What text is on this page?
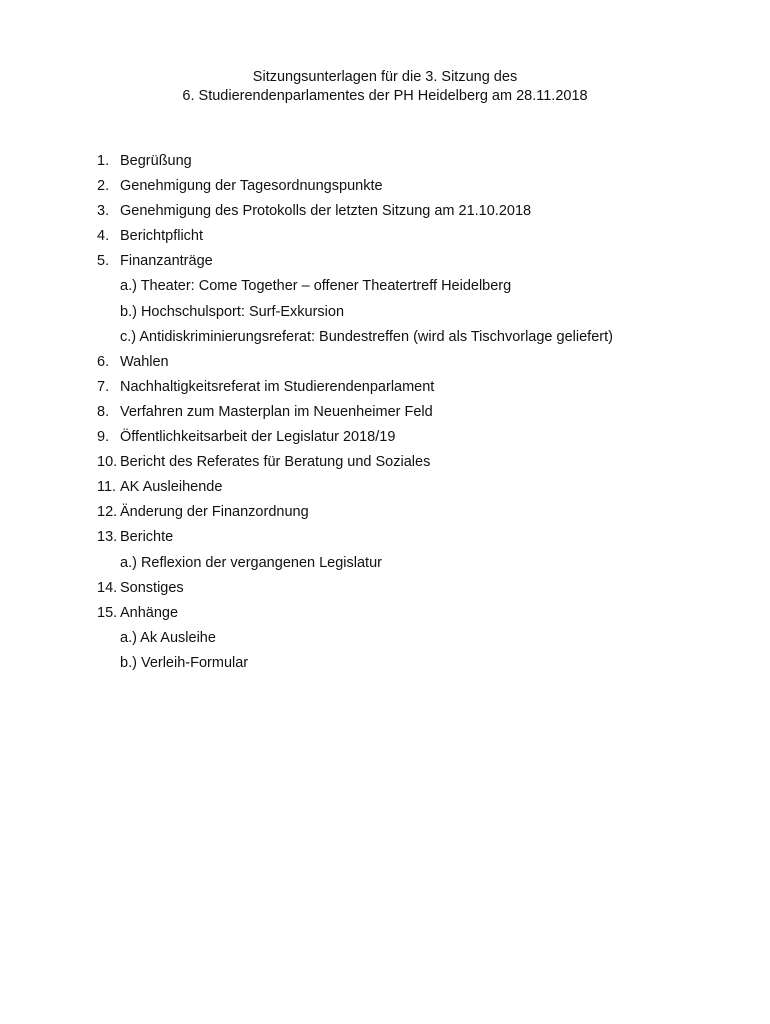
Sitzungsunterlagen für die 3. Sitzung des
6. Studierendenparlamentes der PH Heidelberg am 28.11.2018
1. Begrüßung
2. Genehmigung der Tagesordnungspunkte
3. Genehmigung des Protokolls der letzten Sitzung am 21.10.2018
4. Berichtpflicht
5. Finanzanträge
a.) Theater: Come Together – offener Theatertreff Heidelberg
b.) Hochschulsport: Surf-Exkursion
c.) Antidiskriminierungsreferat: Bundestreffen (wird als Tischvorlage geliefert)
6. Wahlen
7. Nachhaltigkeitsreferat im Studierendenparlament
8. Verfahren zum Masterplan im Neuenheimer Feld
9. Öffentlichkeitsarbeit der Legislatur 2018/19
10. Bericht des Referates für Beratung und Soziales
11. AK Ausleihende
12. Änderung der Finanzordnung
13. Berichte
a.) Reflexion der vergangenen Legislatur
14. Sonstiges
15. Anhänge
a.) Ak Ausleihe
b.) Verleih-Formular
